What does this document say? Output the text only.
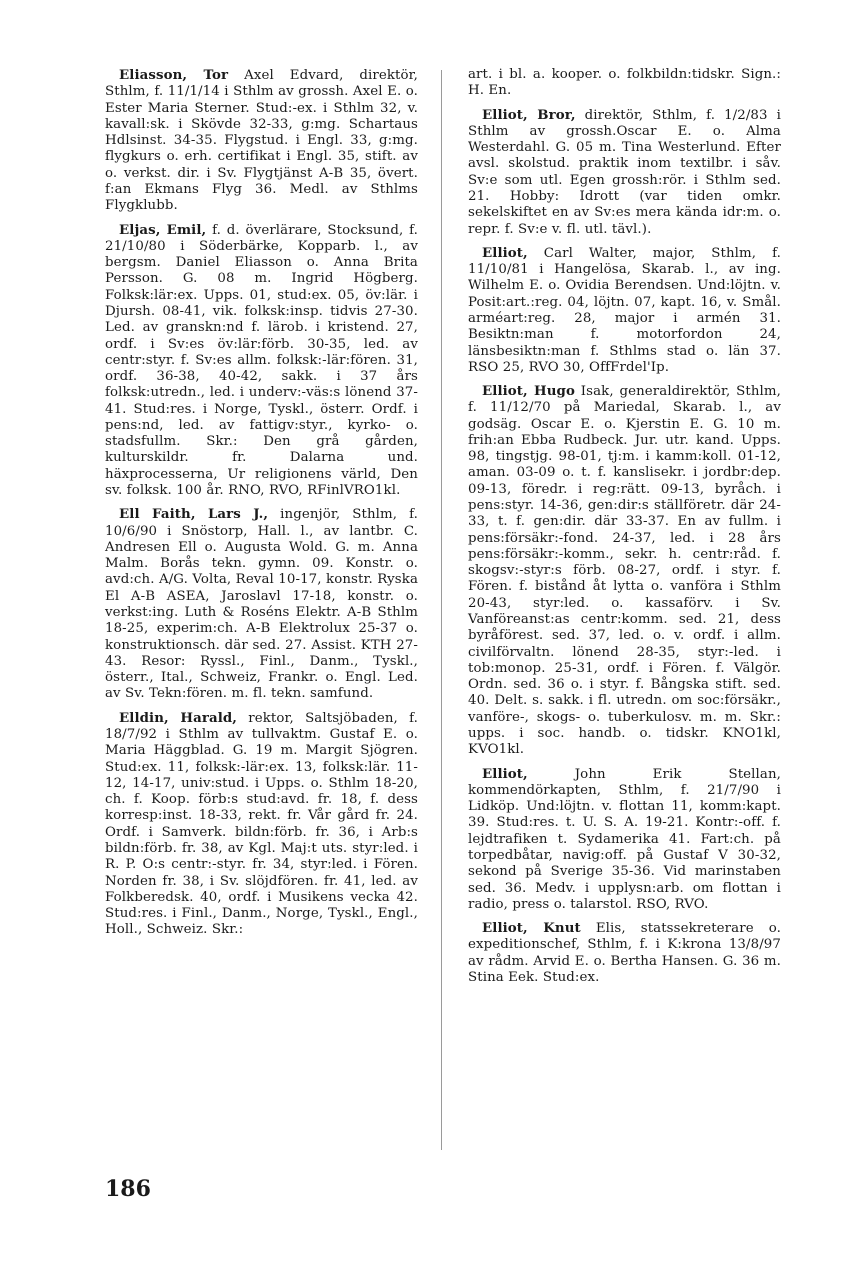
Eliasson, Tor Axel Edvard, direktör, Sthlm, f. 11/1/14 i Sthlm av grossh. Axel E. o. Ester Maria Sterner. Stud:-ex. i Sthlm 32, v. kavall:sk. i Skövde 32-33, g:mg. Schartaus Hdlsinst. 34-35. Flygstud. i Engl. 33, g:mg. flygkurs o. erh. certifikat i Engl. 35, stift. av o. verkst. dir. i Sv. Flygtjänst A-B 35, övert. f:an Ekmans Flyg 36. Medl. av Sthlms Flygklubb.

Eljas, Emil, f. d. överlärare, Stocksund, f. 21/10/80 i Söderbärke, Kopparb. l., av bergsm. Daniel Eliasson o. Anna Brita Persson. G. 08 m. Ingrid Högberg. Folksk:lär:ex. Upps. 01, stud:ex. 05, öv:lär. i Djursh. 08-41, vik. folksk:insp. tidvis 27-30. Led. av granskn:nd f. lärob. i kristend. 27, ordf. i Sv:es öv:lär:förb. 30-35, led. av centr:styr. f. Sv:es allm. folksk:-lär:fören. 31, ordf. 36-38, 40-42, sakk. i 37 års folksk:utredn., led. i underv:-väs:s lönend 37-41. Stud:res. i Norge, Tyskl., österr. Ordf. i pens:nd, led. av fattigv:styr., kyrko- o. stadsfullm. Skr.: Den grå gården, kulturskildr. fr. Dalarna und. häxprocesserna, Ur religionens värld, Den sv. folksk. 100 år. RNO, RVO, RFinlVRO1kl.

Ell Faith, Lars J., ingenjör, Sthlm, f. 10/6/90 i Snöstorp, Hall. l., av lantbr. C. Andresen Ell o. Augusta Wold. G. m. Anna Malm. Borås tekn. gymn. 09. Konstr. o. avd:ch. A/G. Volta, Reval 10-17, konstr. Ryska El A-B ASEA, Jaroslavl 17-18, konstr. o. verkst:ing. Luth & Roséns Elektr. A-B Sthlm 18-25, experim:ch. A-B Elektrolux 25-37 o. konstruktionsch. där sed. 27. Assist. KTH 27-43. Resor: Ryssl., Finl., Danm., Tyskl., österr., Ital., Schweiz, Frankr. o. Engl. Led. av Sv. Tekn:fören. m. fl. tekn. samfund.

Elldin, Harald, rektor, Saltsjöbaden, f. 18/7/92 i Sthlm av tullvaktm. Gustaf E. o. Maria Häggblad. G. 19 m. Margit Sjögren. Stud:ex. 11, folksk:-lär:ex. 13, folksk:lär. 11-12, 14-17, univ:stud. i Upps. o. Sthlm 18-20, ch. f. Koop. förb:s stud:avd. fr. 18, f. dess korresp:inst. 18-33, rekt. fr. Vår gård fr. 24. Ordf. i Samverk. bildn:förb. fr. 36, i Arb:s bildn:förb. fr. 38, av Kgl. Maj:t uts. styr:led. i R. P. O:s centr:-styr. fr. 34, styr:led. i Fören. Norden fr. 38, i Sv. slöjdfören. fr. 41, led. av Folkberedsk. 40, ordf. i Musikens vecka 42. Stud:res. i Finl., Danm., Norge, Tyskl., Engl., Holl., Schweiz. Skr.:

art. i bl. a. kooper. o. folkbildn:tidskr. Sign.: H. En.

Elliot, Bror, direktör, Sthlm, f. 1/2/83 i Sthlm av grossh.Oscar E. o. Alma Westerdahl. G. 05 m. Tina Westerlund. Efter avsl. skolstud. praktik inom textilbr. i såv. Sv:e som utl. Egen grossh:rör. i Sthlm sed. 21. Hobby: Idrott (var tiden omkr. sekelskiftet en av Sv:es mera kända idr:m. o. repr. f. Sv:e v. fl. utl. tävl.).

Elliot, Carl Walter, major, Sthlm, f. 11/10/81 i Hangelösa, Skarab. l., av ing. Wilhelm E. o. Ovidia Berendsen. Und:löjtn. v. Posit:art.:reg. 04, löjtn. 07, kapt. 16, v. Smål. arméart:reg. 28, major i armén 31. Besiktn:man f. motorfordon 24, länsbesiktn:man f. Sthlms stad o. län 37. RSO 25, RVO 30, OffFrdel'Ip.

Elliot, Hugo Isak, generaldirektör, Sthlm, f. 11/12/70 på Mariedal, Skarab. l., av godsäg. Oscar E. o. Kjerstin E. G. 10 m. frih:an Ebba Rudbeck. Jur. utr. kand. Upps. 98, tingstjg. 98-01, tj:m. i kamm:koll. 01-12, aman. 03-09 o. t. f. kanslisekr. i jordbr:dep. 09-13, föredr. i reg:rätt. 09-13, byråch. i pens:styr. 14-36, gen:dir:s ställföretr. där 24-33, t. f. gen:dir. där 33-37. En av fullm. i pens:försäkr:-fond. 24-37, led. i 28 års pens:försäkr:-komm., sekr. h. centr:råd. f. skogsv:-styr:s förb. 08-27, ordf. i styr. f. Fören. f. bistånd åt lytta o. vanföra i Sthlm 20-43, styr:led. o. kassaförv. i Sv. Vanföreanst:as centr:komm. sed. 21, dess byråförest. sed. 37, led. o. v. ordf. i allm. civilförvaltn. lönend 28-35, styr:-led. i tob:monop. 25-31, ordf. i Fören. f. Välgör. Ordn. sed. 36 o. i styr. f. Bångska stift. sed. 40. Delt. s. sakk. i fl. utredn. om soc:försäkr., vanföre-, skogs- o. tuberkulosv. m. m. Skr.: upps. i soc. handb. o. tidskr. KNO1kl, KVO1kl.

Elliot, John Erik Stellan, kommendörkapten, Sthlm, f. 21/7/90 i Lidköp. Und:löjtn. v. flottan 11, komm:kapt. 39. Stud:res. t. U. S. A. 19-21. Kontr:-off. f. lejdtrafiken t. Sydamerika 41. Fart:ch. på torpedbåtar, navig:off. på Gustaf V 30-32, sekond på Sverige 35-36. Vid marinstaben sed. 36. Medv. i upplysn:arb. om flottan i radio, press o. talarstol. RSO, RVO.

Elliot, Knut Elis, statssekreterare o. expeditionschef, Sthlm, f. i K:krona 13/8/97 av rådm. Arvid E. o. Bertha Hansen. G. 36 m. Stina Eek. Stud:ex.

186
